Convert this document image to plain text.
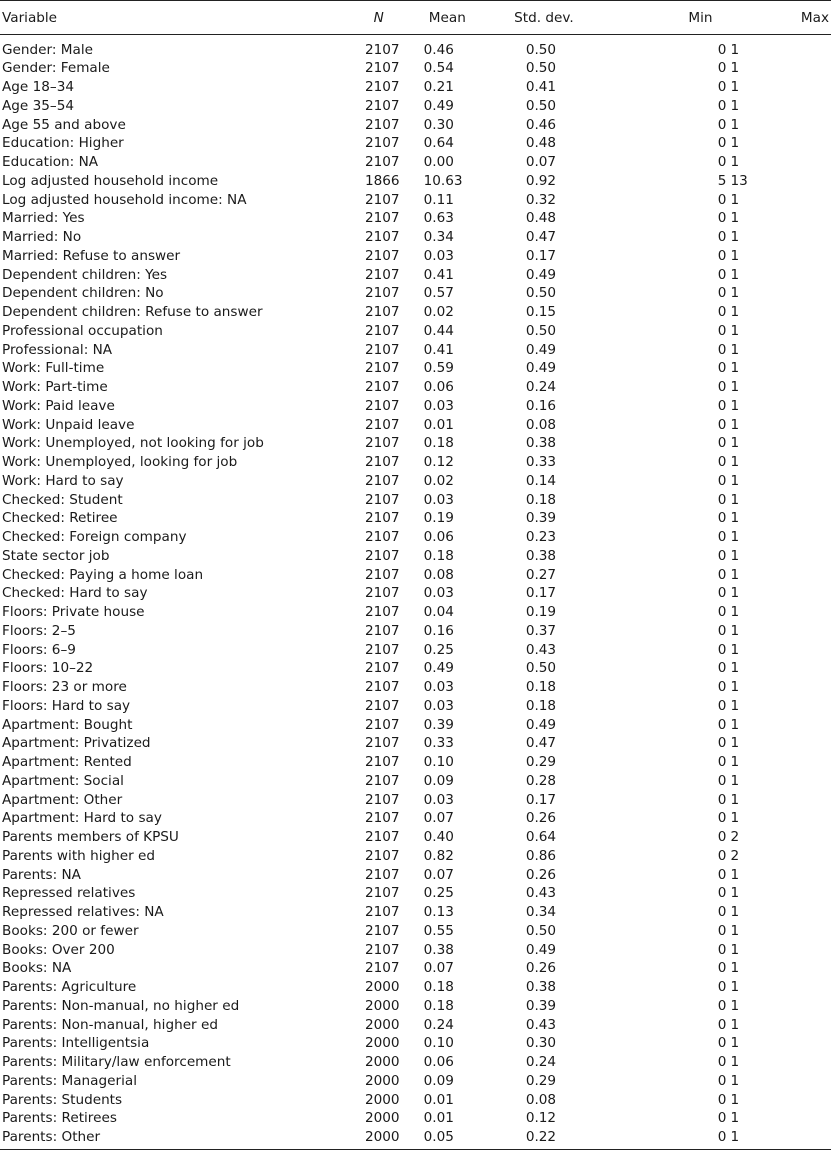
Variable	N	Mean	Std. dev.	Min	Max
Gender: Male	2107	0.46	0.50	0	1
Gender: Female	2107	0.54	0.50	0	1
Age 18–34	2107	0.21	0.41	0	1
Age 35–54	2107	0.49	0.50	0	1
Age 55 and above	2107	0.30	0.46	0	1
Education: Higher	2107	0.64	0.48	0	1
Education: NA	2107	0.00	0.07	0	1
Log adjusted household income	1866	10.63	0.92	5	13
Log adjusted household income: NA	2107	0.11	0.32	0	1
Married: Yes	2107	0.63	0.48	0	1
Married: No	2107	0.34	0.47	0	1
Married: Refuse to answer	2107	0.03	0.17	0	1
Dependent children: Yes	2107	0.41	0.49	0	1
Dependent children: No	2107	0.57	0.50	0	1
Dependent children: Refuse to answer	2107	0.02	0.15	0	1
Professional occupation	2107	0.44	0.50	0	1
Professional: NA	2107	0.41	0.49	0	1
Work: Full-time	2107	0.59	0.49	0	1
Work: Part-time	2107	0.06	0.24	0	1
Work: Paid leave	2107	0.03	0.16	0	1
Work: Unpaid leave	2107	0.01	0.08	0	1
Work: Unemployed, not looking for job	2107	0.18	0.38	0	1
Work: Unemployed, looking for job	2107	0.12	0.33	0	1
Work: Hard to say	2107	0.02	0.14	0	1
Checked: Student	2107	0.03	0.18	0	1
Checked: Retiree	2107	0.19	0.39	0	1
Checked: Foreign company	2107	0.06	0.23	0	1
State sector job	2107	0.18	0.38	0	1
Checked: Paying a home loan	2107	0.08	0.27	0	1
Checked: Hard to say	2107	0.03	0.17	0	1
Floors: Private house	2107	0.04	0.19	0	1
Floors: 2–5	2107	0.16	0.37	0	1
Floors: 6–9	2107	0.25	0.43	0	1
Floors: 10–22	2107	0.49	0.50	0	1
Floors: 23 or more	2107	0.03	0.18	0	1
Floors: Hard to say	2107	0.03	0.18	0	1
Apartment: Bought	2107	0.39	0.49	0	1
Apartment: Privatized	2107	0.33	0.47	0	1
Apartment: Rented	2107	0.10	0.29	0	1
Apartment: Social	2107	0.09	0.28	0	1
Apartment: Other	2107	0.03	0.17	0	1
Apartment: Hard to say	2107	0.07	0.26	0	1
Parents members of KPSU	2107	0.40	0.64	0	2
Parents with higher ed	2107	0.82	0.86	0	2
Parents: NA	2107	0.07	0.26	0	1
Repressed relatives	2107	0.25	0.43	0	1
Repressed relatives: NA	2107	0.13	0.34	0	1
Books: 200 or fewer	2107	0.55	0.50	0	1
Books: Over 200	2107	0.38	0.49	0	1
Books: NA	2107	0.07	0.26	0	1
Parents: Agriculture	2000	0.18	0.38	0	1
Parents: Non-manual, no higher ed	2000	0.18	0.39	0	1
Parents: Non-manual, higher ed	2000	0.24	0.43	0	1
Parents: Intelligentsia	2000	0.10	0.30	0	1
Parents: Military/law enforcement	2000	0.06	0.24	0	1
Parents: Managerial	2000	0.09	0.29	0	1
Parents: Students	2000	0.01	0.08	0	1
Parents: Retirees	2000	0.01	0.12	0	1
Parents: Other	2000	0.05	0.22	0	1
